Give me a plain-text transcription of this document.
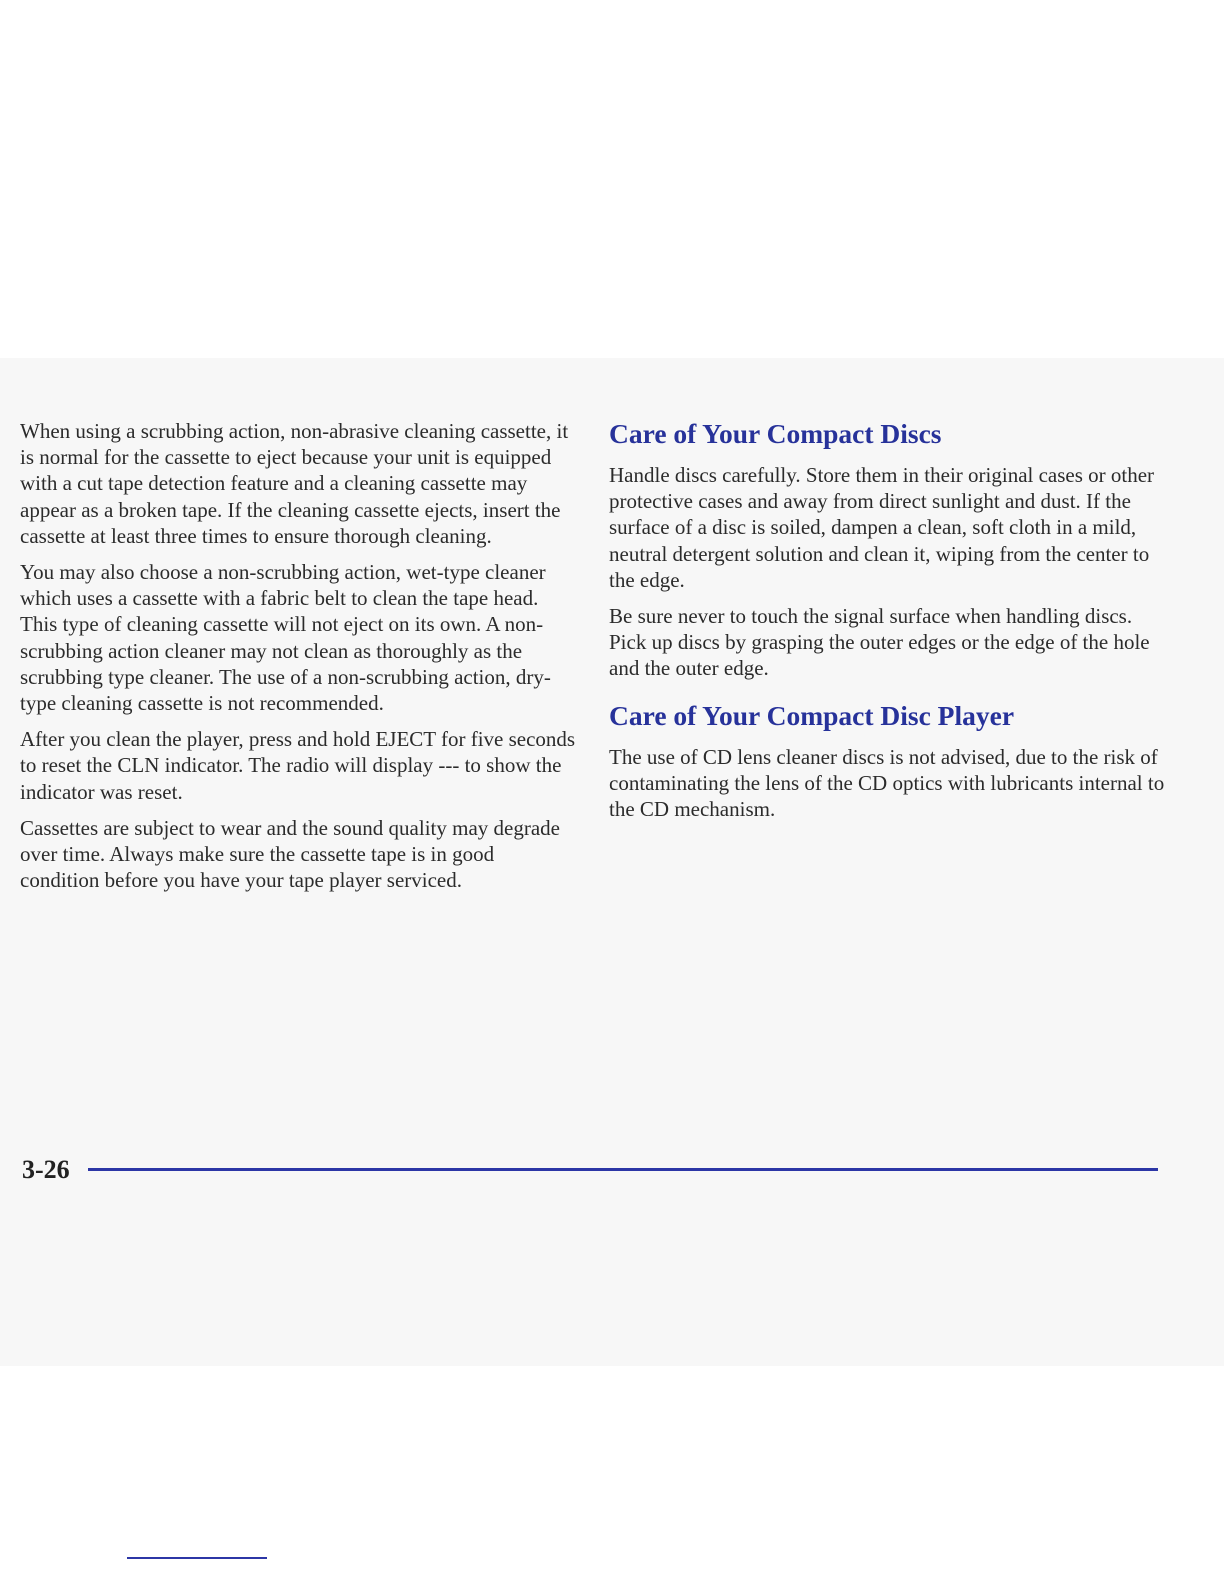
When using a scrubbing action, non-abrasive cleaning cassette, it is normal for the cassette to eject because your unit is equipped with a cut tape detection feature and a cleaning cassette may appear as a broken tape. If the cleaning cassette ejects, insert the cassette at least three times to ensure thorough cleaning.

You may also choose a non-scrubbing action, wet-type cleaner which uses a cassette with a fabric belt to clean the tape head. This type of cleaning cassette will not eject on its own. A non-scrubbing action cleaner may not clean as thoroughly as the scrubbing type cleaner. The use of a non-scrubbing action, dry-type cleaning cassette is not recommended.

After you clean the player, press and hold EJECT for five seconds to reset the CLN indicator. The radio will display --- to show the indicator was reset.

Cassettes are subject to wear and the sound quality may degrade over time. Always make sure the cassette tape is in good condition before you have your tape player serviced.

Care of Your Compact Discs

Handle discs carefully. Store them in their original cases or other protective cases and away from direct sunlight and dust. If the surface of a disc is soiled, dampen a clean, soft cloth in a mild, neutral detergent solution and clean it, wiping from the center to the edge.

Be sure never to touch the signal surface when handling discs. Pick up discs by grasping the outer edges or the edge of the hole and the outer edge.

Care of Your Compact Disc Player

The use of CD lens cleaner discs is not advised, due to the risk of contaminating the lens of the CD optics with lubricants internal to the CD mechanism.

3-26
